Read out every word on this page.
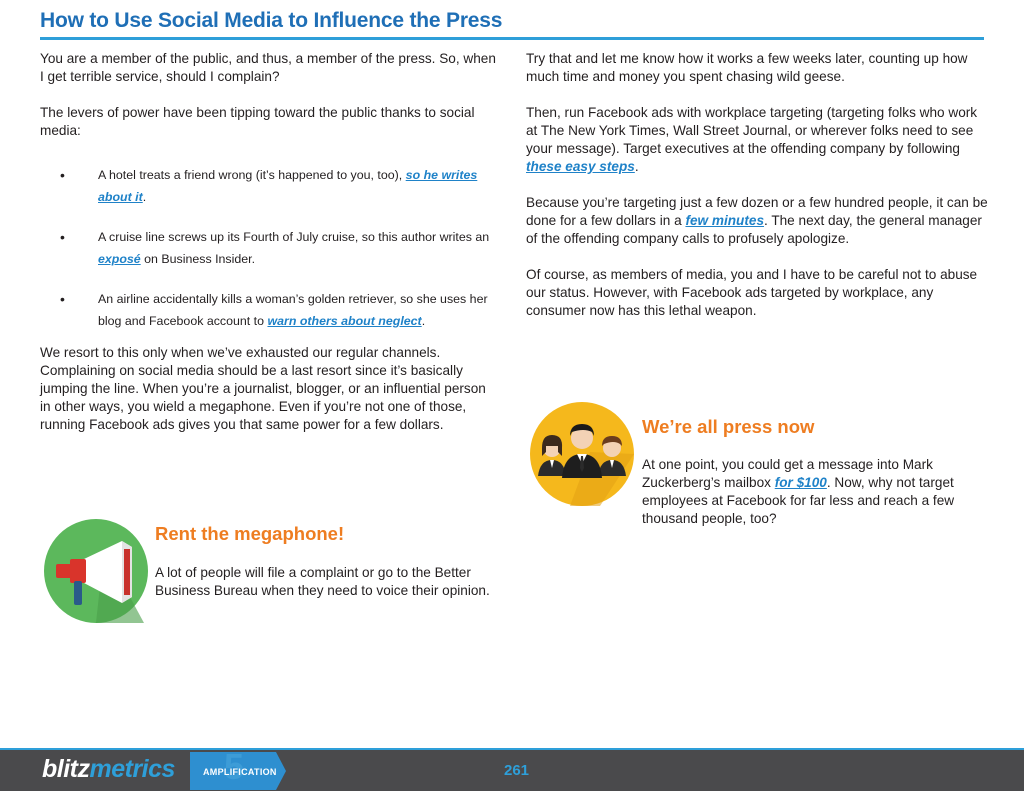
How to Use Social Media to Influence the Press

You are a member of the public, and thus, a member of the press. So, when I get terrible service, should I complain?

The levers of power have been tipping toward the public thanks to social media:

•	A hotel treats a friend wrong (it’s happened to you, too), so he writes about it.
•	A cruise line screws up its Fourth of July cruise, so this author writes an exposé on Business Insider.
•	An airline accidentally kills a woman’s golden retriever, so she uses her blog and Facebook account to warn others about neglect.

We resort to this only when we’ve exhausted our regular channels. Complaining on social media should be a last resort since it’s basically jumping the line. When you’re a journalist, blogger, or an influential person in other ways, you wield a megaphone. Even if you’re not one of those, running Facebook ads gives you that same power for a few dollars.

Try that and let me know how it works a few weeks later, counting up how much time and money you spent chasing wild geese.

Then, run Facebook ads with workplace targeting (targeting folks who work at The New York Times, Wall Street Journal, or wherever folks need to see your message). Target executives at the offending company by following these easy steps.

Because you’re targeting just a few dozen or a few hundred people, it can be done for a few dollars in a few minutes. The next day, the general manager of the offending company calls to profusely apologize.

Of course, as members of media, you and I have to be careful not to abuse our status. However, with Facebook ads targeted by workplace, any consumer now has this lethal weapon.

Rent the megaphone!
A lot of people will file a complaint or go to the Better Business Bureau when they need to voice their opinion.
We’re all press now
At one point, you could get a message into Mark Zuckerberg’s mailbox for $100. Now, why not target employees at Facebook for far less and reach a few thousand people, too?
blitzmetrics 5
AMPLIFICATION	261
